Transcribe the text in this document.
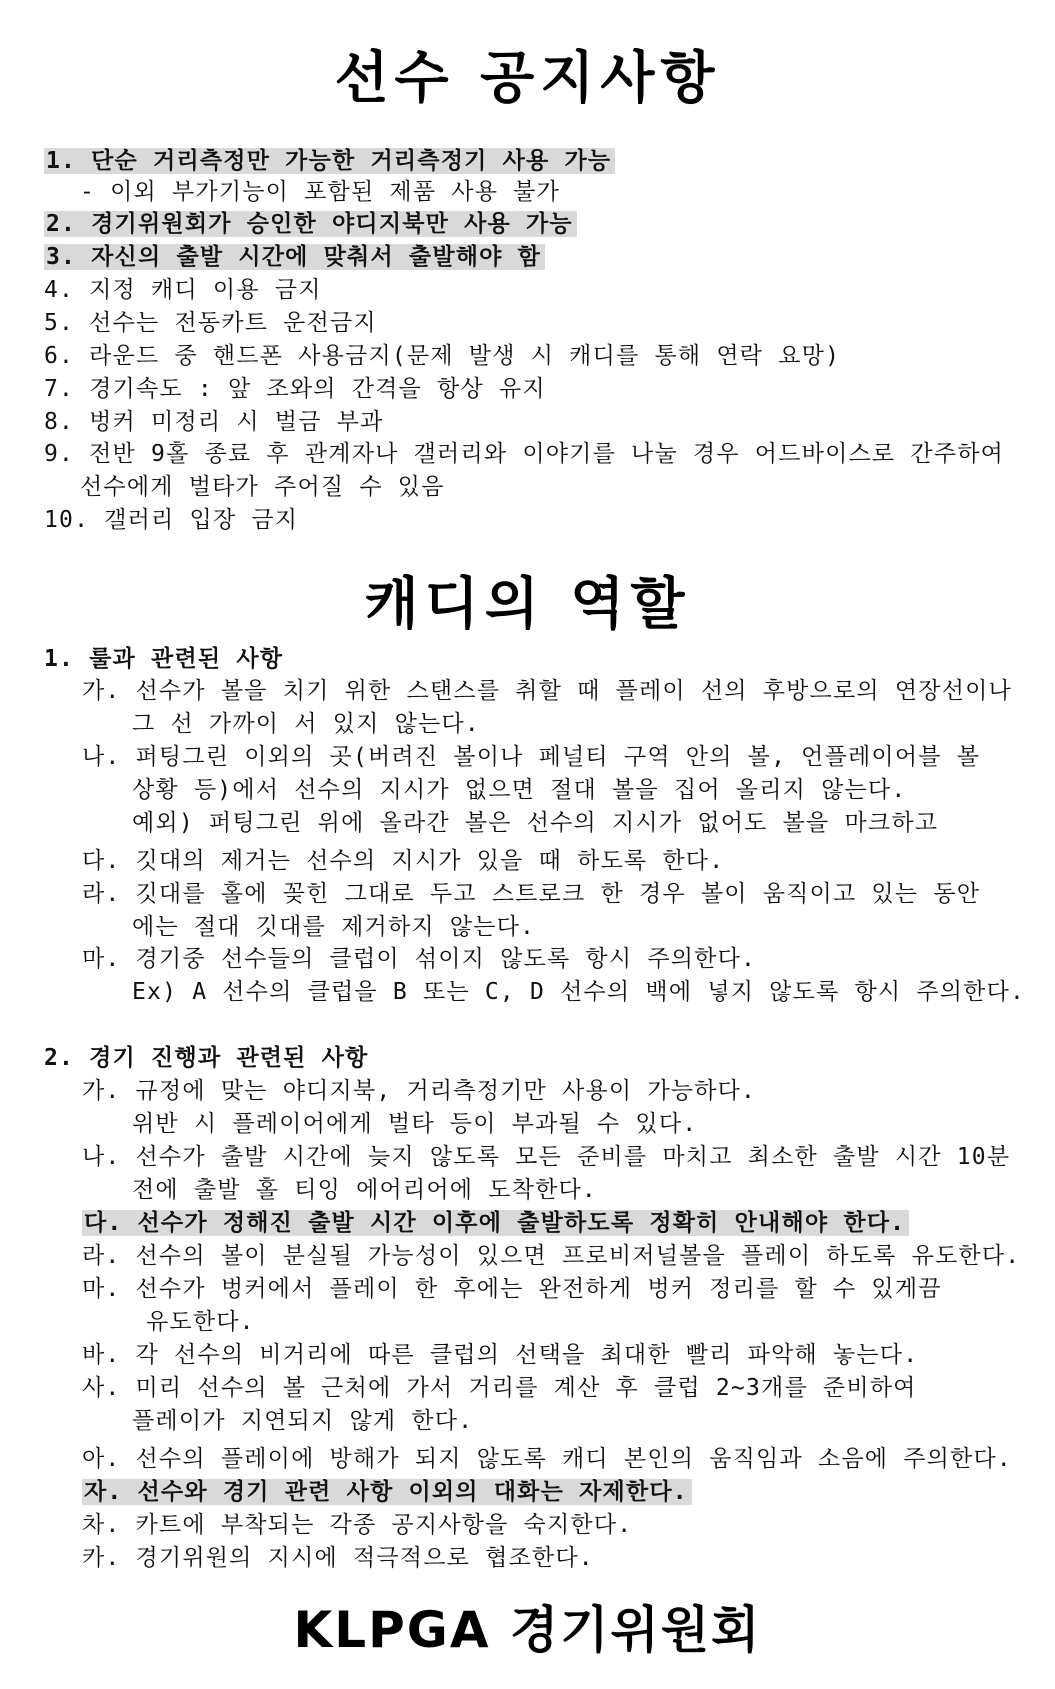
선수 공지사항
1. 단순 거리측정만 가능한 거리측정기 사용 가능
- 이외 부가기능이 포함된 제품 사용 불가
2. 경기위원회가 승인한 야디지북만 사용 가능
3. 자신의 출발 시간에 맞춰서 출발해야 함
4. 지정 캐디 이용 금지
5. 선수는 전동카트 운전금지
6. 라운드 중 핸드폰 사용금지(문제 발생 시 캐디를 통해 연락 요망)
7. 경기속도 : 앞 조와의 간격을 항상 유지
8. 벙커 미정리 시 벌금 부과
9. 전반 9홀 종료 후 관계자나 갤러리와 이야기를 나눌 경우 어드바이스로 간주하여
선수에게 벌타가 주어질 수 있음
10. 갤러리 입장 금지
캐디의 역할
1. 룰과 관련된 사항
가. 선수가 볼을 치기 위한 스탠스를 취할 때 플레이 선의 후방으로의 연장선이나
그 선 가까이 서 있지 않는다.
나. 퍼팅그린 이외의 곳(버려진 볼이나 페널티 구역 안의 볼, 언플레이어블 볼
상황 등)에서 선수의 지시가 없으면 절대 볼을 집어 올리지 않는다.
예외) 퍼팅그린 위에 올라간 볼은 선수의 지시가 없어도 볼을 마크하고
다. 깃대의 제거는 선수의 지시가 있을 때 하도록 한다.
라. 깃대를 홀에 꽂힌 그대로 두고 스트로크 한 경우 볼이 움직이고 있는 동안
에는 절대 깃대를 제거하지 않는다.
마. 경기중 선수들의 클럽이 섞이지 않도록 항시 주의한다.
Ex) A 선수의 클럽을 B 또는 C, D 선수의 백에 넣지 않도록 항시 주의한다.
2. 경기 진행과 관련된 사항
가. 규정에 맞는 야디지북, 거리측정기만 사용이 가능하다.
위반 시 플레이어에게 벌타 등이 부과될 수 있다.
나. 선수가 출발 시간에 늦지 않도록 모든 준비를 마치고 최소한 출발 시간 10분
전에 출발 홀 티잉 에어리어에 도착한다.
다. 선수가 정해진 출발 시간 이후에 출발하도록 정확히 안내해야 한다.
라. 선수의 볼이 분실될 가능성이 있으면 프로비저널볼을 플레이 하도록 유도한다.
마. 선수가 벙커에서 플레이 한 후에는 완전하게 벙커 정리를 할 수 있게끔
유도한다.
바. 각 선수의 비거리에 따른 클럽의 선택을 최대한 빨리 파악해 놓는다.
사. 미리 선수의 볼 근처에 가서 거리를 계산 후 클럽 2~3개를 준비하여
플레이가 지연되지 않게 한다.
아. 선수의 플레이에 방해가 되지 않도록 캐디 본인의 움직임과 소음에 주의한다.
자. 선수와 경기 관련 사항 이외의 대화는 자제한다.
차. 카트에 부착되는 각종 공지사항을 숙지한다.
카. 경기위원의 지시에 적극적으로 협조한다.
KLPGA 경기위원회
